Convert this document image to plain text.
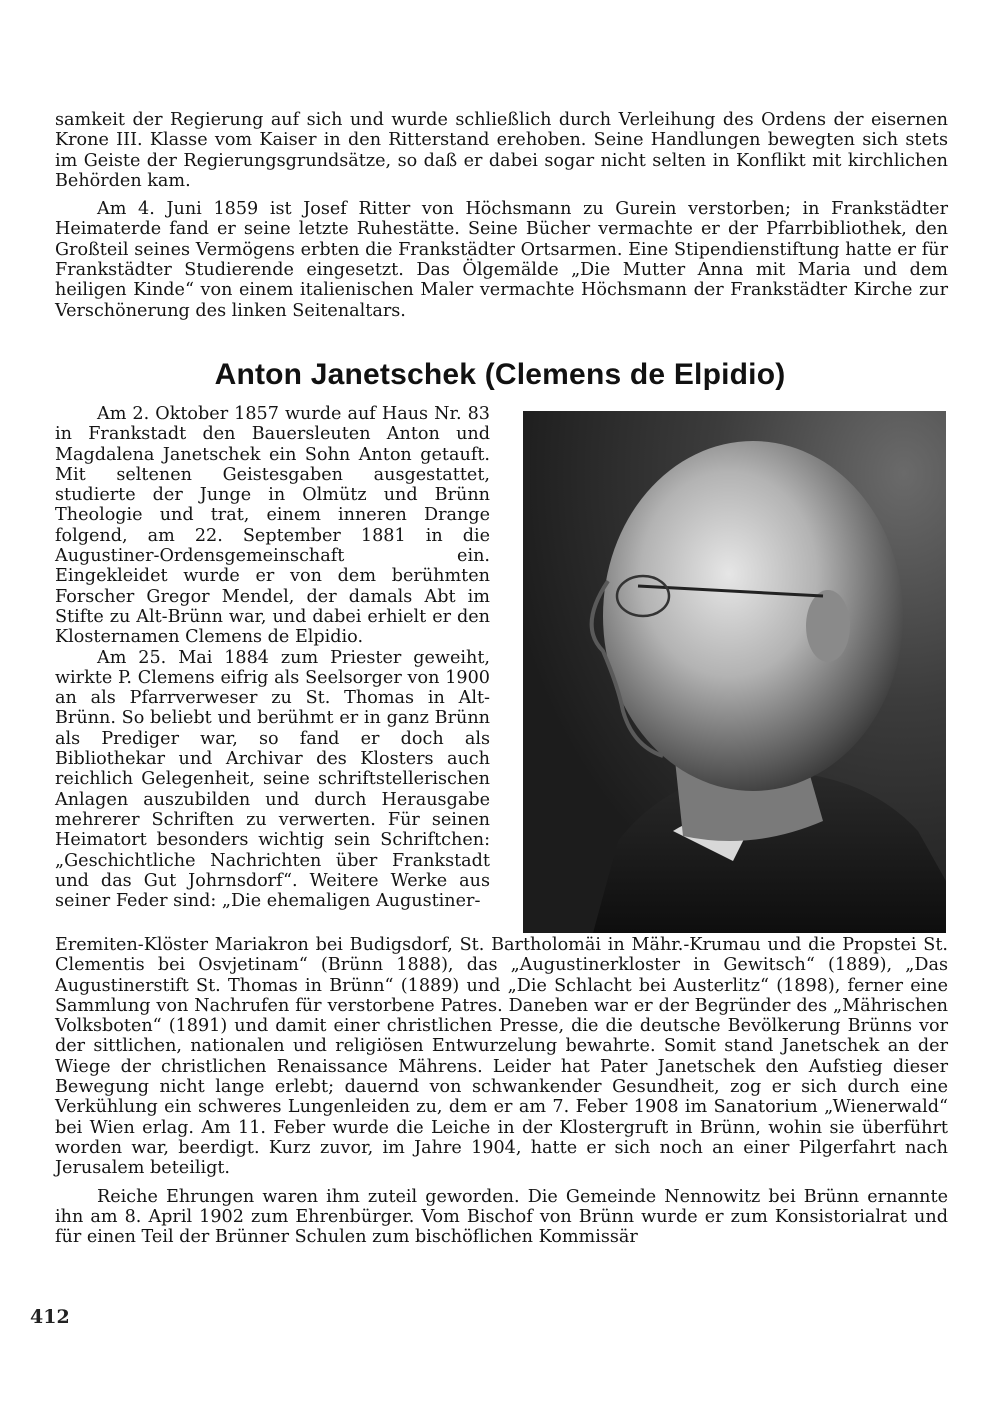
samkeit der Regierung auf sich und wurde schließlich durch Verleihung des Ordens der eisernen Krone III. Klasse vom Kaiser in den Ritterstand erehoben. Seine Handlungen bewegten sich stets im Geiste der Regierungsgrundsätze, so daß er dabei sogar nicht selten in Konflikt mit kirchlichen Behörden kam.

Am 4. Juni 1859 ist Josef Ritter von Höchsmann zu Gurein verstorben; in Frankstädter Heimaterde fand er seine letzte Ruhestätte. Seine Bücher vermachte er der Pfarrbibliothek, den Großteil seines Vermögens erbten die Frankstädter Ortsarmen. Eine Stipendienstiftung hatte er für Frankstädter Studierende eingesetzt. Das Ölgemälde „Die Mutter Anna mit Maria und dem heiligen Kinde“ von einem italienischen Maler vermachte Höchsmann der Frankstädter Kirche zur Verschönerung des linken Seitenaltars.

Anton Janetschek (Clemens de Elpidio)

Am 2. Oktober 1857 wurde auf Haus Nr. 83 in Frankstadt den Bauersleuten Anton und Magdalena Janetschek ein Sohn Anton getauft. Mit seltenen Geistesgaben ausgestattet, studierte der Junge in Olmütz und Brünn Theologie und trat, einem inneren Drange folgend, am 22. September 1881 in die Augustiner-Ordensgemeinschaft ein. Eingekleidet wurde er von dem berühmten Forscher Gregor Mendel, der damals Abt im Stifte zu Alt-Brünn war, und dabei erhielt er den Klosternamen Clemens de Elpidio.

Am 25. Mai 1884 zum Priester geweiht, wirkte P. Clemens eifrig als Seelsorger von 1900 an als Pfarrverweser zu St. Thomas in Alt-Brünn. So beliebt und berühmt er in ganz Brünn als Prediger war, so fand er doch als Bibliothekar und Archivar des Klosters auch reichlich Gelegenheit, seine schriftstellerischen Anlagen auszubilden und durch Herausgabe mehrerer Schriften zu verwerten. Für seinen Heimatort besonders wichtig sein Schriftchen: „Geschichtliche Nachrichten über Frankstadt und das Gut Johrnsdorf“. Weitere Werke aus seiner Feder sind: „Die ehemaligen Augustiner-

Eremiten-Klöster Mariakron bei Budigsdorf, St. Bartholomäi in Mähr.-Krumau und die Propstei St. Clementis bei Osvjetinam“ (Brünn 1888), das „Augustinerkloster in Gewitsch“ (1889), „Das Augustinerstift St. Thomas in Brünn“ (1889) und „Die Schlacht bei Austerlitz“ (1898), ferner eine Sammlung von Nachrufen für verstorbene Patres. Daneben war er der Begründer des „Mährischen Volksboten“ (1891) und damit einer christlichen Presse, die die deutsche Bevölkerung Brünns vor der sittlichen, nationalen und religiösen Entwurzelung bewahrte. Somit stand Janetschek an der Wiege der christlichen Renaissance Mährens. Leider hat Pater Janetschek den Aufstieg dieser Bewegung nicht lange erlebt; dauernd von schwankender Gesundheit, zog er sich durch eine Verkühlung ein schweres Lungenleiden zu, dem er am 7. Feber 1908 im Sanatorium „Wienerwald“ bei Wien erlag. Am 11. Feber wurde die Leiche in der Klostergruft in Brünn, wohin sie überführt worden war, beerdigt. Kurz zuvor, im Jahre 1904, hatte er sich noch an einer Pilgerfahrt nach Jerusalem beteiligt.

Reiche Ehrungen waren ihm zuteil geworden. Die Gemeinde Nennowitz bei Brünn ernannte ihn am 8. April 1902 zum Ehrenbürger. Vom Bischof von Brünn wurde er zum Konsistorialrat und für einen Teil der Brünner Schulen zum bischöflichen Kommissär

412
